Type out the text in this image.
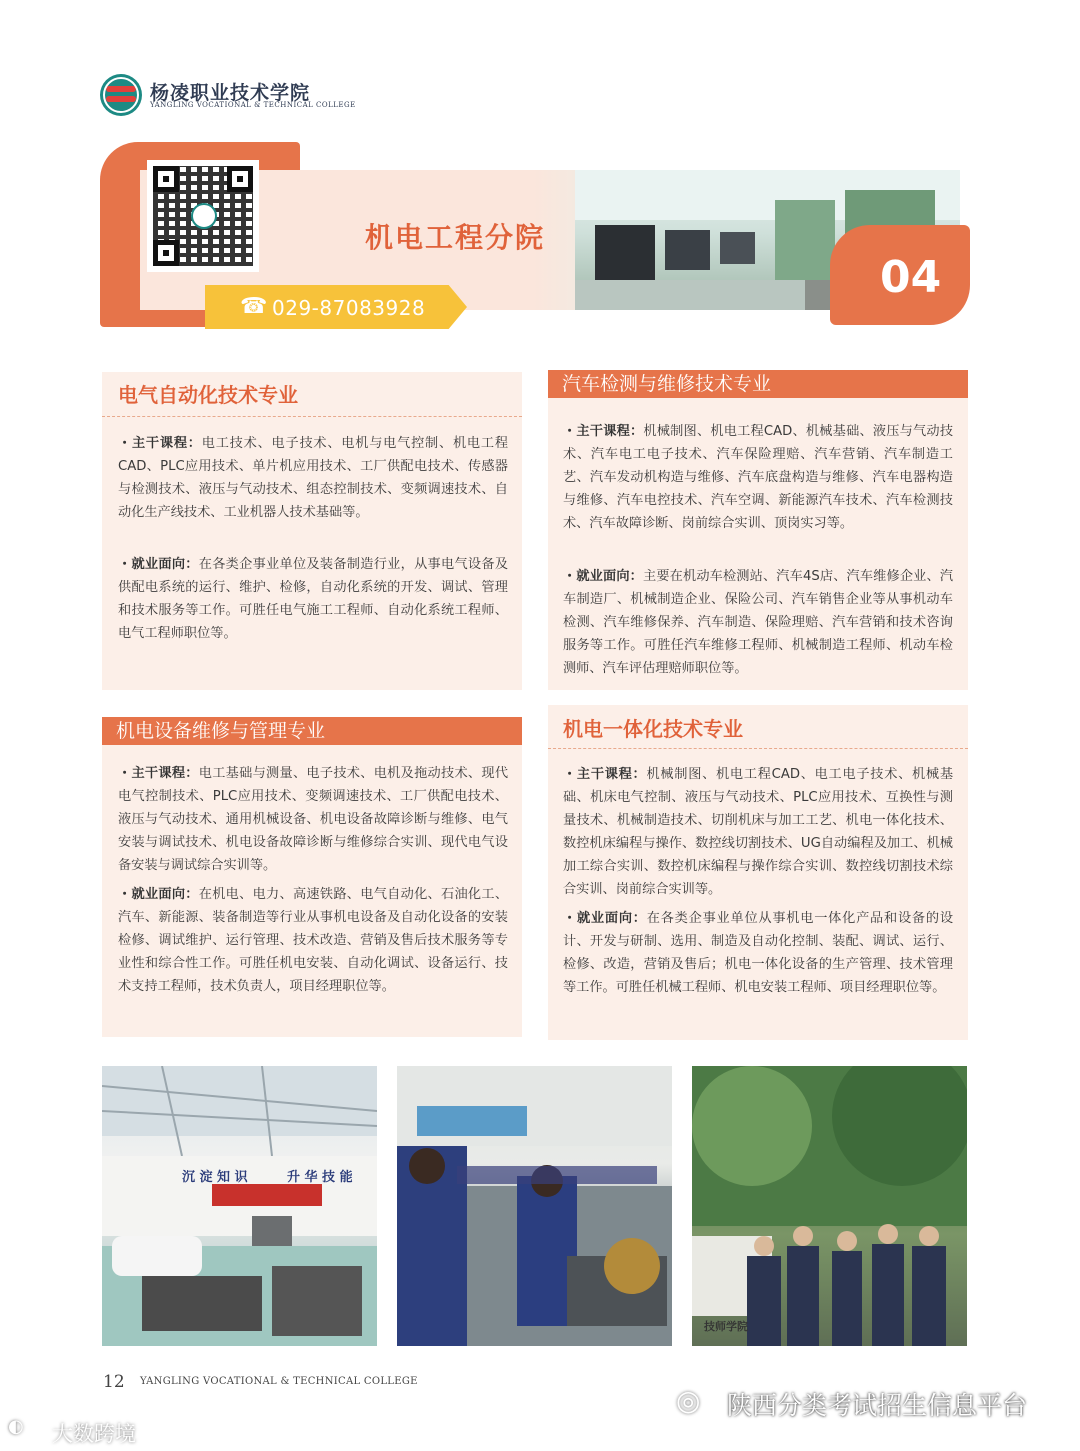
杨凌职业技术学院
YANGLING VOCATIONAL & TECHNICAL COLLEGE
机电工程分院
☎ 029-87083928
04
电气自动化技术专业
・主干课程：电工技术、电子技术、电机与电气控制、机电工程CAD、PLC应用技术、单片机应用技术、工厂供配电技术、传感器与检测技术、液压与气动技术、组态控制技术、变频调速技术、自动化生产线技术、工业机器人技术基础等。
・就业面向：在各类企事业单位及装备制造行业，从事电气设备及供配电系统的运行、维护、检修，自动化系统的开发、调试、管理和技术服务等工作。可胜任电气施工工程师、自动化系统工程师、电气工程师职位等。
汽车检测与维修技术专业
・主干课程：机械制图、机电工程CAD、机械基础、液压与气动技术、汽车电工电子技术、汽车保险理赔、汽车营销、汽车制造工艺、汽车发动机构造与维修、汽车底盘构造与维修、汽车电器构造与维修、汽车电控技术、汽车空调、新能源汽车技术、汽车检测技术、汽车故障诊断、岗前综合实训、顶岗实习等。
・就业面向：主要在机动车检测站、汽车4S店、汽车维修企业、汽车制造厂、机械制造企业、保险公司、汽车销售企业等从事机动车检测、汽车维修保养、汽车制造、保险理赔、汽车营销和技术咨询服务等工作。可胜任汽车维修工程师、机械制造工程师、机动车检测师、汽车评估理赔师职位等。
机电设备维修与管理专业
・主干课程：电工基础与测量、电子技术、电机及拖动技术、现代电气控制技术、PLC应用技术、变频调速技术、工厂供配电技术、液压与气动技术、通用机械设备、机电设备故障诊断与维修、电气安装与调试技术、机电设备故障诊断与维修综合实训、现代电气设备安装与调试综合实训等。
・就业面向：在机电、电力、高速铁路、电气自动化、石油化工、汽车、新能源、装备制造等行业从事机电设备及自动化设备的安装检修、调试维护、运行管理、技术改造、营销及售后技术服务等专业性和综合性工作。可胜任机电安装、自动化调试、设备运行、技术支持工程师，技术负责人，项目经理职位等。
机电一体化技术专业
・主干课程：机械制图、机电工程CAD、电工电子技术、机械基础、机床电气控制、液压与气动技术、PLC应用技术、互换性与测量技术、机械制造技术、切削机床与加工工艺、机电一体化技术、数控机床编程与操作、数控线切割技术、UG自动编程及加工、机械加工综合实训、数控机床编程与操作综合实训、数控线切割技术综合实训、岗前综合实训等。
・就业面向：在各类企事业单位从事机电一体化产品和设备的设计、开发与研制、选用、制造及自动化控制、装配、调试、运行、检修、改造，营销及售后；机电一体化设备的生产管理、技术管理等工作。可胜任机械工程师、机电安装工程师、项目经理职位等。
沉 淀 知 识	升 华 技 能
技师学院
12 YANGLING VOCATIONAL & TECHNICAL COLLEGE
◎ 陕西分类考试招生信息平台
◐ 大数跨境
